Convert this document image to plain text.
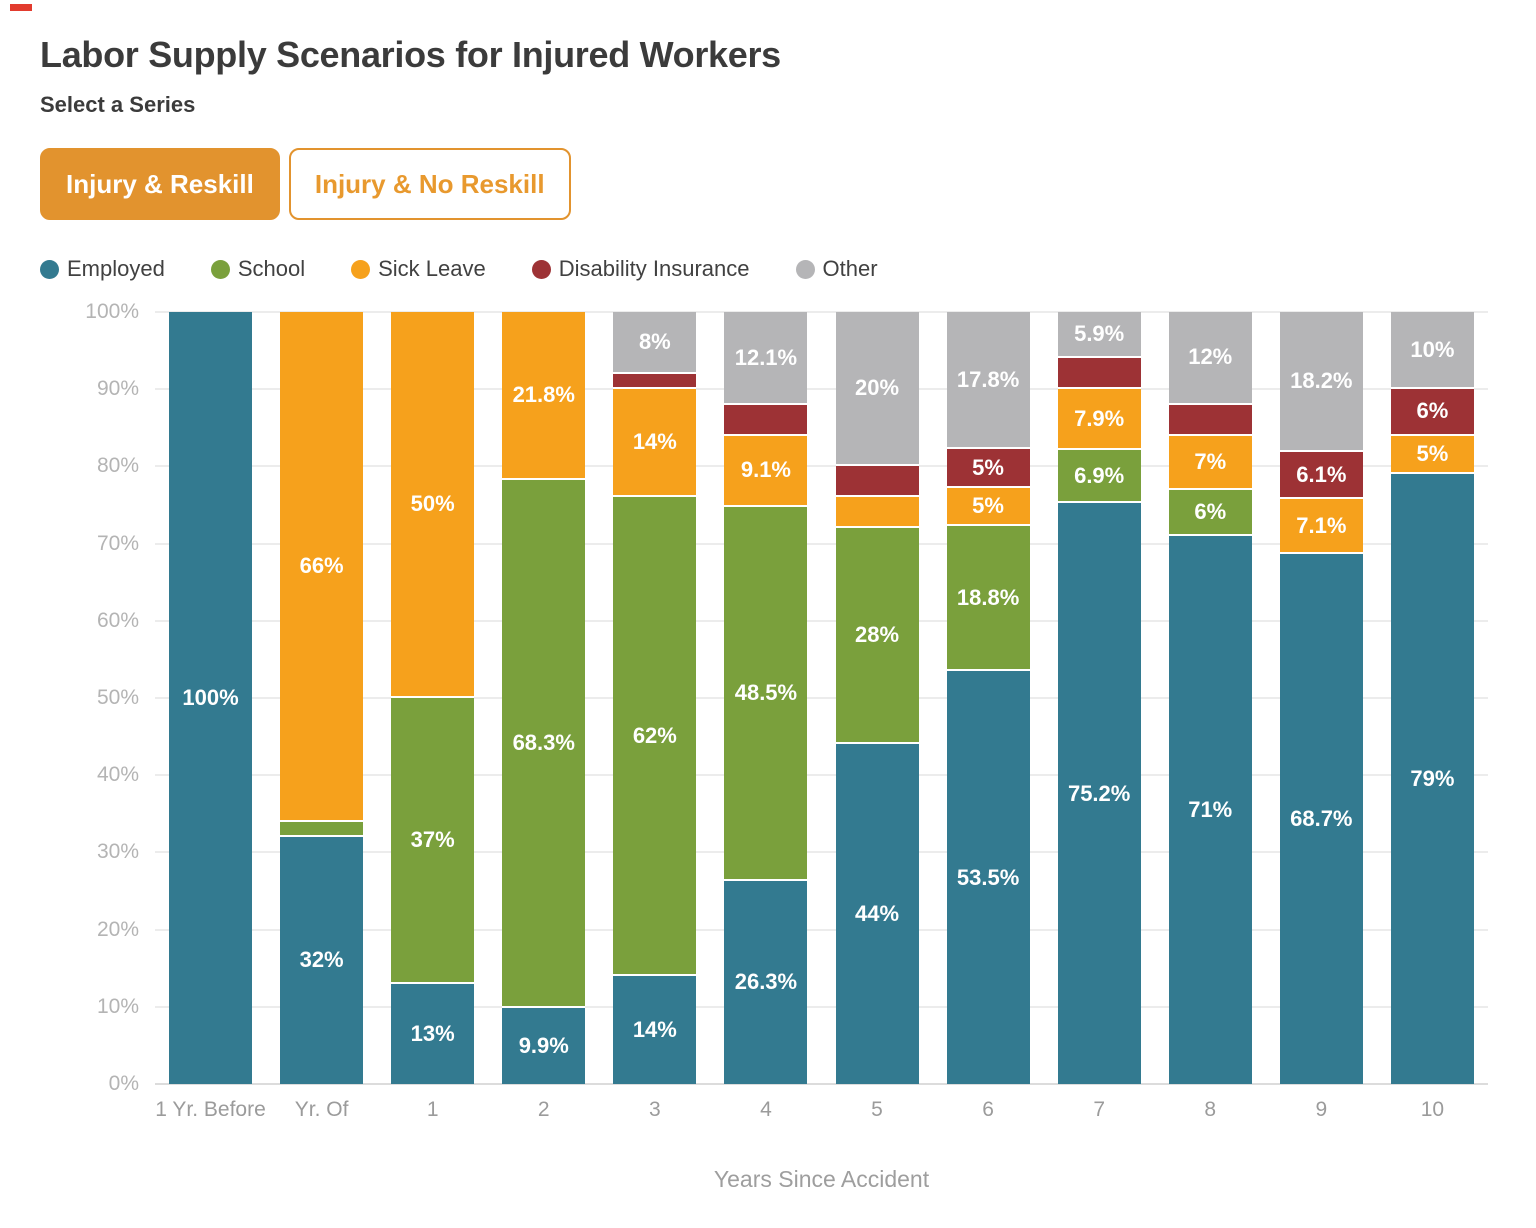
Labor Supply Scenarios for Injured Workers
Select a Series
Injury & Reskill	Injury & No Reskill
Employed	School	Sick Leave	Disability Insurance	Other
0%
10%
20%
30%
40%
50%
60%
70%
80%
90%
100%
100%
32%
66%
13%
37%
50%
9.9%
68.3%
21.8%
14%
62%
14%
8%
26.3%
48.5%
9.1%
12.1%
44%
28%
20%
53.5%
18.8%
5%
5%
17.8%
75.2%
6.9%
7.9%
5.9%
71%
6%
7%
12%
68.7%
7.1%
6.1%
18.2%
79%
5%
6%
10%
1 Yr. Before	Yr. Of	1	2	3	4	5	6	7	8	9	10
Years Since Accident
